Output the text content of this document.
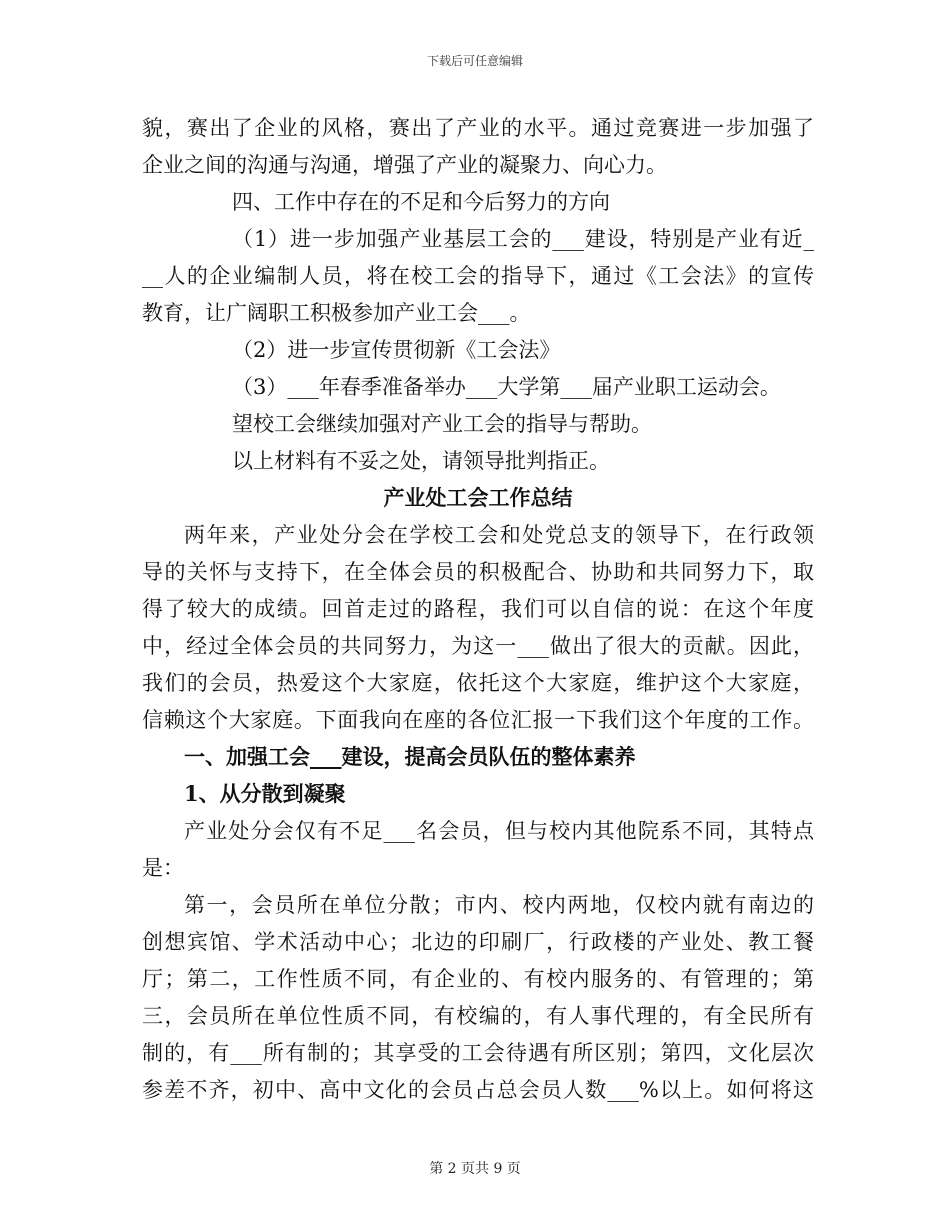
下载后可任意编辑
貌，赛出了企业的风格，赛出了产业的水平。通过竞赛进一步加强了
企业之间的沟通与沟通，增强了产业的凝聚力、向心力。
四、工作中存在的不足和今后努力的方向
（1）进一步加强产业基层工会的___建设，特别是产业有近_
__人的企业编制人员，将在校工会的指导下，通过《工会法》的宣传
教育，让广阔职工积极参加产业工会___。
（2）进一步宣传贯彻新《工会法》
（3）___年春季准备举办___大学第___届产业职工运动会。
望校工会继续加强对产业工会的指导与帮助。
以上材料有不妥之处，请领导批判指正。
产业处工会工作总结
两年来，产业处分会在学校工会和处党总支的领导下，在行政领
导的关怀与支持下，在全体会员的积极配合、协助和共同努力下，取
得了较大的成绩。回首走过的路程，我们可以自信的说：在这个年度
中，经过全体会员的共同努力，为这一___做出了很大的贡献。因此，
我们的会员，热爱这个大家庭，依托这个大家庭，维护这个大家庭，
信赖这个大家庭。下面我向在座的各位汇报一下我们这个年度的工作。
一、加强工会___建设，提高会员队伍的整体素养
1、从分散到凝聚
产业处分会仅有不足___名会员，但与校内其他院系不同，其特点
是：
第一，会员所在单位分散；市内、校内两地，仅校内就有南边的
创想宾馆、学术活动中心；北边的印刷厂，行政楼的产业处、教工餐
厅；第二，工作性质不同，有企业的、有校内服务的、有管理的；第
三，会员所在单位性质不同，有校编的，有人事代理的，有全民所有
制的，有___所有制的；其享受的工会待遇有所区别；第四，文化层次
参差不齐，初中、高中文化的会员占总会员人数___%以上。如何将这
第 2 页共 9 页
